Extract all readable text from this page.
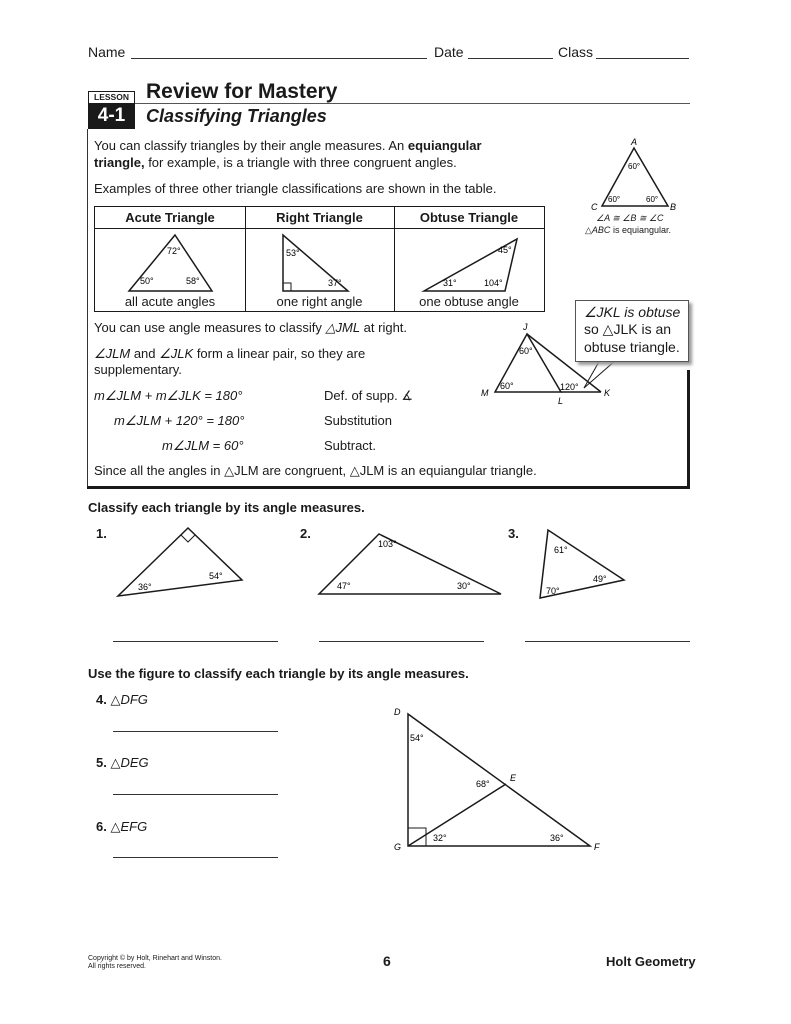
Name	Date	Class
LESSON
4-1
Review for Mastery
Classifying Triangles
You can classify triangles by their angle measures. An equiangular
triangle, for example, is a triangle with three congruent angles.
Examples of three other triangle classifications are shown in the table.
A
C	B
60°
60°	60°
∠A ≅ ∠B ≅ ∠C
△ABC is equiangular.
Acute Triangle	Right Triangle	Obtuse Triangle
72°
50°	58°
53°
37°
45°
31°	104°
all acute angles	one right angle	one obtuse angle
You can use angle measures to classify △JML at right.
∠JLM and ∠JLK form a linear pair, so they are
supplementary.
m∠JLM + m∠JLK = 180°	Def. of supp. ∡
m∠JLM + 120° = 180°	Substitution
m∠JLM = 60°	Subtract.
Since all the angles in △JLM are congruent, △JLM is an equiangular triangle.
J
M
L
K
60°
60°	120°
∠JKL is obtuse
so △JLK is an
obtuse triangle.
Classify each triangle by its angle measures.
1.
36°
54°
2.
103°
47°	30°
3.
61°
49°
70°
Use the figure to classify each triangle by its angle measures.
4. △DFG
5. △DEG
6. △EFG
D
E
G	F
54°
68°
32°	36°
Copyright © by Holt, Rinehart and Winston.
All rights reserved.	6	Holt Geometry
